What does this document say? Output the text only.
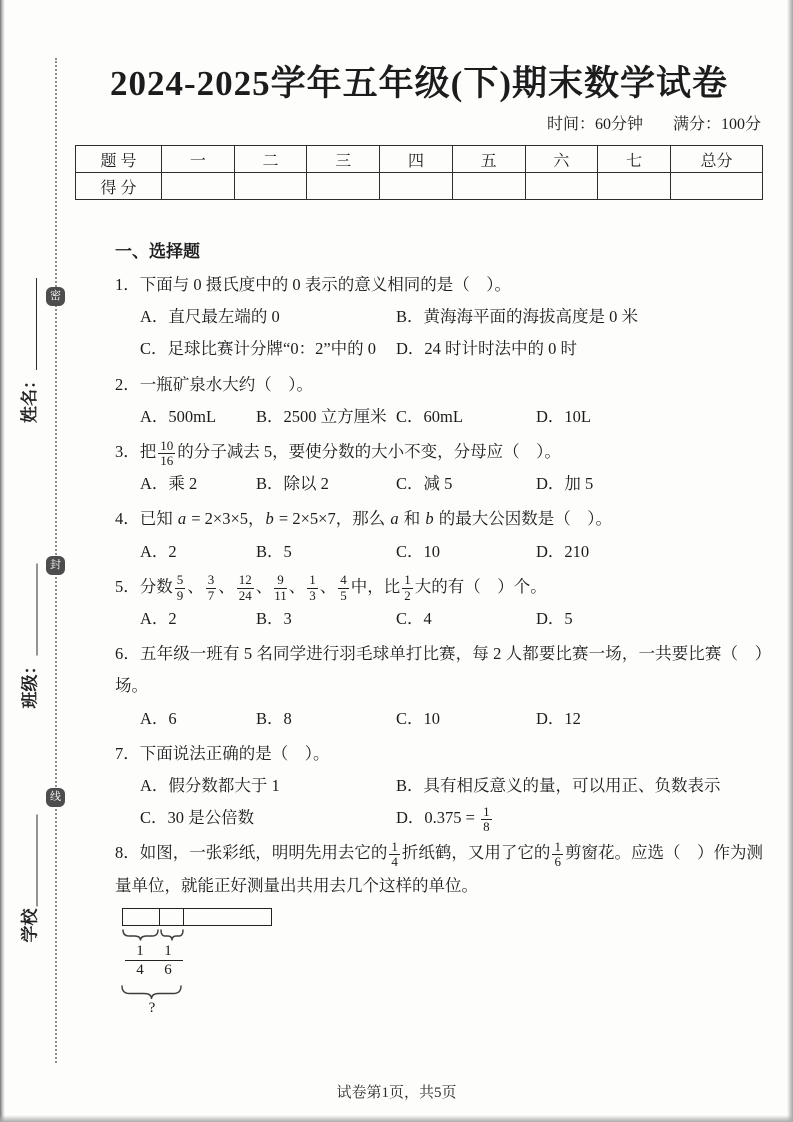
密
封
线
姓名：
班级：
学校
2024-2025学年五年级(下)期末数学试卷
时间：60分钟 满分：100分
题 号	一	二	三	四	五	六	七	总分
得 分								
一、选择题
1．下面与 0 摄氏度中的 0 表示的意义相同的是（　）。
A．直尺最左端的 0	B．黄海海平面的海拔高度是 0 米
C．足球比赛计分牌“0：2”中的 0	D．24 时计时法中的 0 时
2．一瓶矿泉水大约（　）。
A．500mL	B．2500 立方厘米 C．60mL	D．10L
3．把 $\frac{10}{16}$ 的分子减去 5，要使分数的大小不变，分母应（　）。
A．乘 2	B．除以 2	C．减 5	D．加 5
4．已知 a = 2×3×5，b = 2×5×7，那么 a 和 b 的最大公因数是（　）。
A．2	B．5	C．10	D．210
5．分数 $\frac{5}{9}$ 、 $\frac{3}{7}$ 、 $\frac{12}{24}$ 、 $\frac{9}{11}$ 、 $\frac{1}{3}$ 、 $\frac{4}{5}$ 中，比 $\frac{1}{2}$ 大的有（　）个。
A．2	B．3	C．4	D．5
6．五年级一班有 5 名同学进行羽毛球单打比赛，每 2 人都要比赛一场，一共要比赛（　）场。
A．6	B．8	C．10	D．12
7．下面说法正确的是（　）。
A．假分数都大于 1	B．具有相反意义的量，可以用正、负数表示
C．30 是公倍数	D．$0.375 = \frac{1}{8}$
8．如图，一张彩纸，明明先用去它的 $\frac{1}{4}$ 折纸鹤，又用了它的 $\frac{1}{6}$ 剪窗花。应选（　）作为测量单位，就能正好测量出共用去几个这样的单位。
1
4
1
6
?
试卷第1页，共5页
